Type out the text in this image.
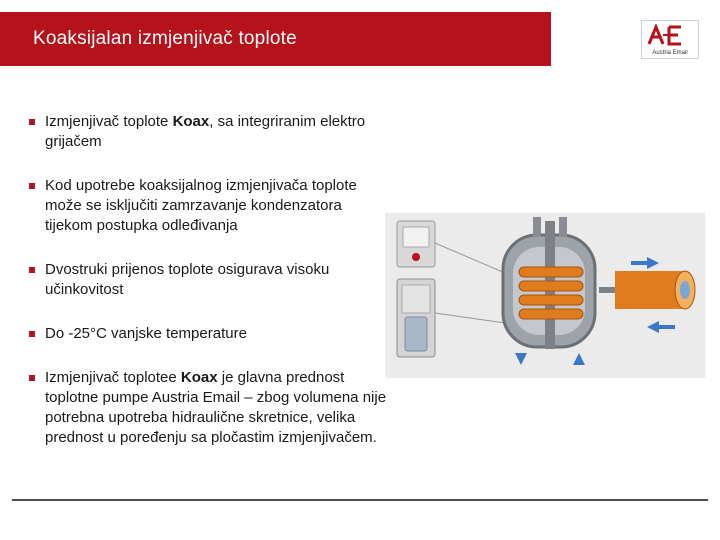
Koaksijalan izmjenjivač toplote
Austria Email
Izmjenjivač toplote Koax, sa integriranim elektro grijačem
Kod upotrebe koaksijalnog izmjenjivača toplote može se isključiti zamrzavanje kondenzatora tijekom postupka odleđivanja
Dvostruki prijenos toplote osigurava visoku učinkovitost
Do -25°C vanjske temperature
Izmjenjivač toplotee Koax je glavna prednost toplotne pumpe Austria Email – zbog volumena nije potrebna upotreba hidraulične skretnice, velika prednost u poređenju sa pločastim izmjenjivačem.
